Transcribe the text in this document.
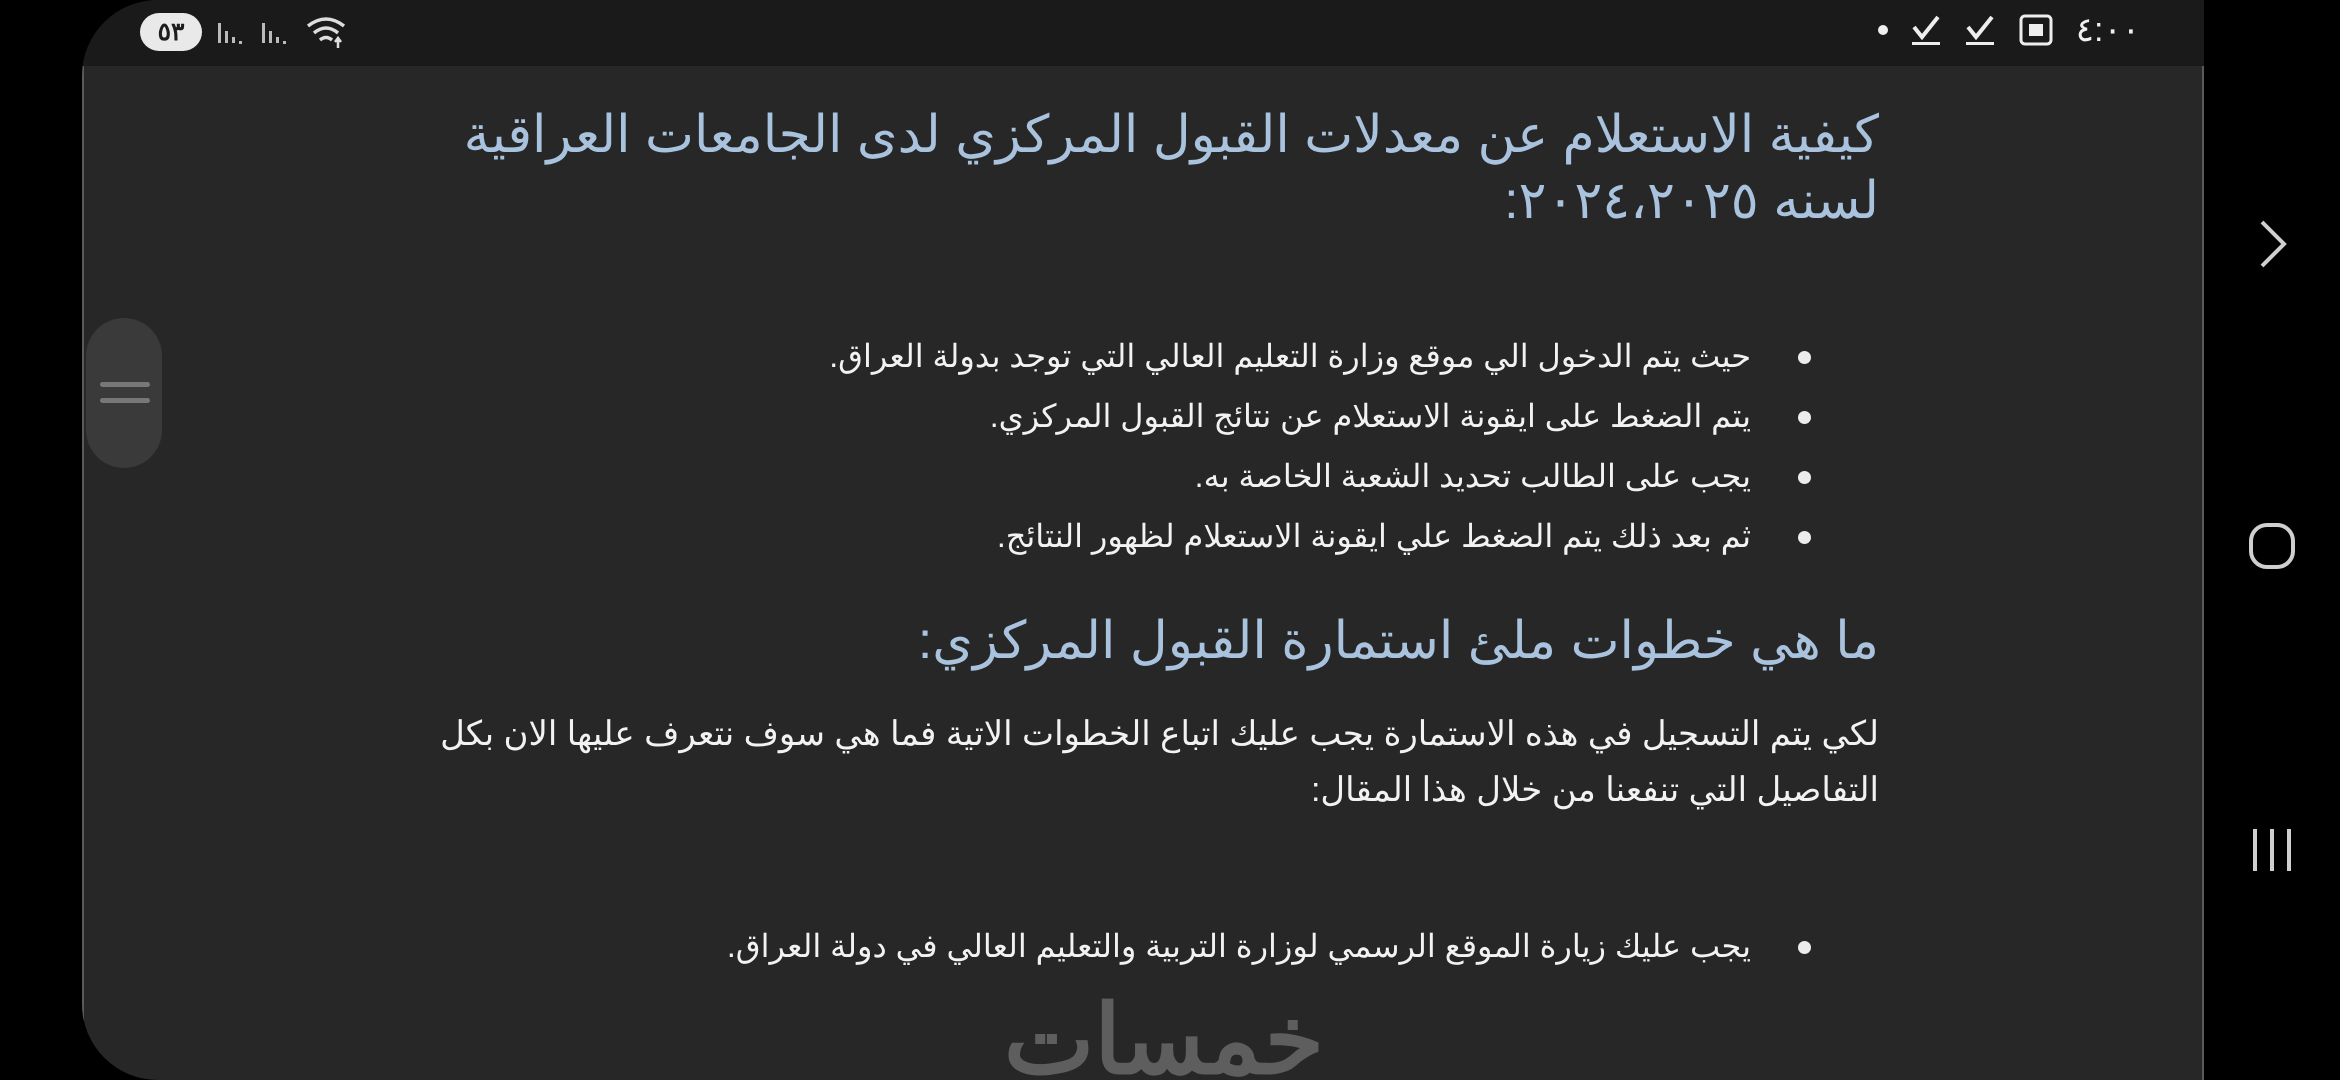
٥٣	٤:٠٠
كيفية الاستعلام عن معدلات القبول المركزي لدى الجامعات العراقية لسنه ٢٠٢٤،٢٠٢٥:
حيث يتم الدخول الي موقع وزارة التعليم العالي التي توجد بدولة العراق.
يتم الضغط على ايقونة الاستعلام عن نتائج القبول المركزي.
يجب على الطالب تحديد الشعبة الخاصة به.
ثم بعد ذلك يتم الضغط علي ايقونة الاستعلام لظهور النتائج.
ما هي خطوات ملئ استمارة القبول المركزي:

لكي يتم التسجيل في هذه الاستمارة يجب عليك اتباع الخطوات الاتية فما هي سوف نتعرف عليها الان بكل التفاصيل التي تنفعنا من خلال هذا المقال:

يجب عليك زيارة الموقع الرسمي لوزارة التربية والتعليم العالي في دولة العراق.
خمسات
